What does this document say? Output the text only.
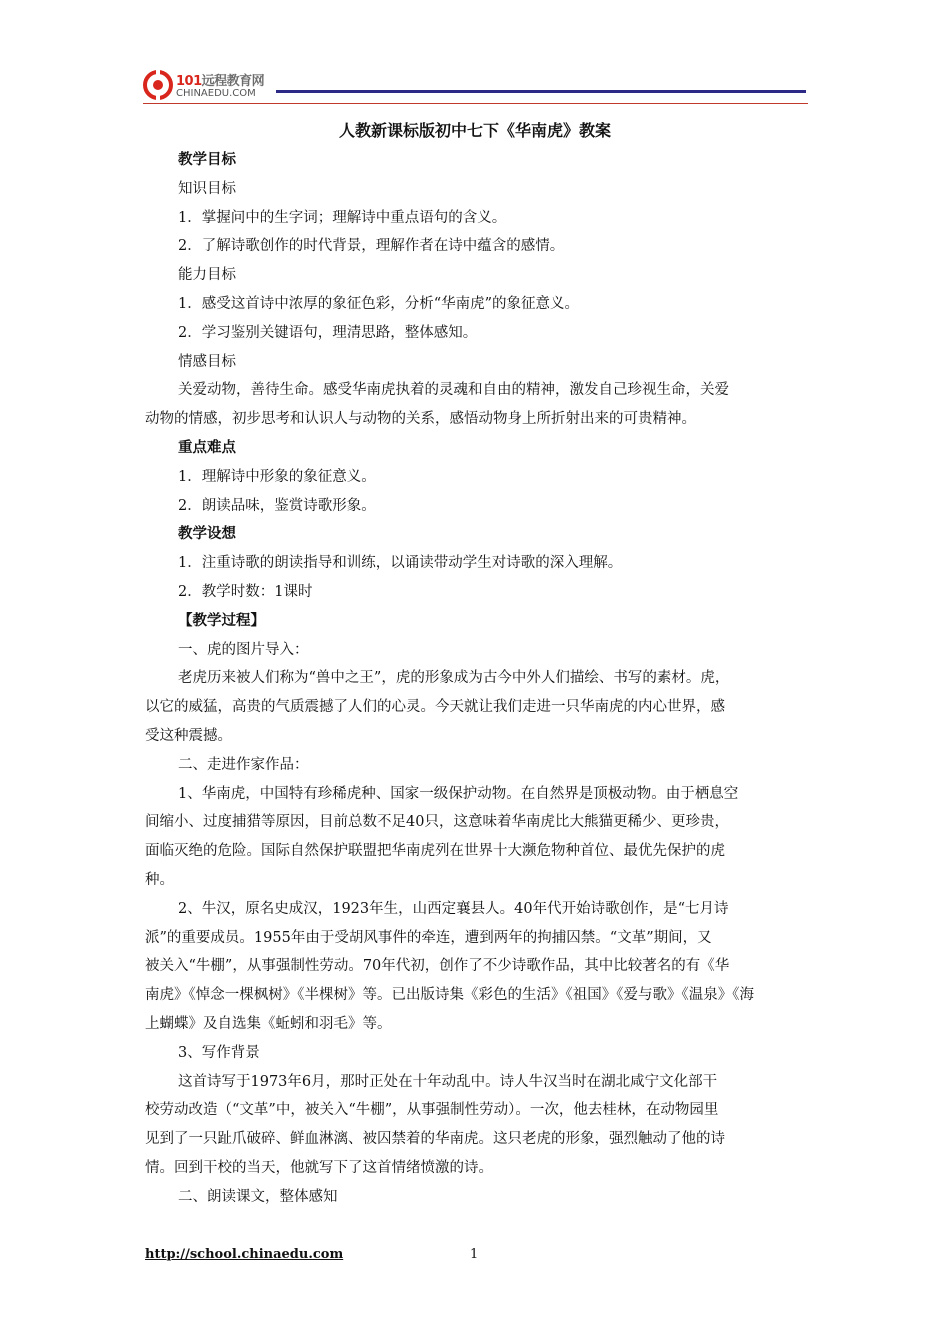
101远程教育网
CHINAEDU.COM
人教新课标版初中七下《华南虎》教案
教学目标
知识目标
1．掌握问中的生字词；理解诗中重点语句的含义。
2．了解诗歌创作的时代背景，理解作者在诗中蕴含的感情。
能力目标
1．感受这首诗中浓厚的象征色彩，分析“华南虎”的象征意义。
2．学习鉴别关键语句，理清思路，整体感知。
情感目标
关爱动物，善待生命。感受华南虎执着的灵魂和自由的精神，激发自己珍视生命，关爱
动物的情感，初步思考和认识人与动物的关系，感悟动物身上所折射出来的可贵精神。
重点难点
1．理解诗中形象的象征意义。
2．朗读品味，鉴赏诗歌形象。
教学设想
1．注重诗歌的朗读指导和训练，以诵读带动学生对诗歌的深入理解。
2．教学时数：1课时
【教学过程】
一、虎的图片导入：
老虎历来被人们称为“兽中之王”，虎的形象成为古今中外人们描绘、书写的素材。虎，
以它的威猛，高贵的气质震撼了人们的心灵。今天就让我们走进一只华南虎的内心世界，感
受这种震撼。
二、走进作家作品：
1、华南虎，中国特有珍稀虎种、国家一级保护动物。在自然界是顶极动物。由于栖息空
间缩小、过度捕猎等原因，目前总数不足40只，这意味着华南虎比大熊猫更稀少、更珍贵，
面临灭绝的危险。国际自然保护联盟把华南虎列在世界十大濒危物种首位、最优先保护的虎
种。
2、牛汉，原名史成汉，1923年生，山西定襄县人。40年代开始诗歌创作，是“七月诗
派”的重要成员。1955年由于受胡风事件的牵连，遭到两年的拘捕囚禁。“文革”期间，又
被关入“牛棚”，从事强制性劳动。70年代初，创作了不少诗歌作品，其中比较著名的有《华
南虎》《悼念一棵枫树》《半棵树》等。已出版诗集《彩色的生活》《祖国》《爱与歌》《温泉》《海
上蝴蝶》及自选集《蚯蚓和羽毛》等。
3、写作背景
这首诗写于1973年6月，那时正处在十年动乱中。诗人牛汉当时在湖北咸宁文化部干
校劳动改造（“文革”中，被关入“牛棚”，从事强制性劳动）。一次，他去桂林，在动物园里
见到了一只趾爪破碎、鲜血淋漓、被囚禁着的华南虎。这只老虎的形象，强烈触动了他的诗
情。回到干校的当天，他就写下了这首情绪愤激的诗。
二、朗读课文，整体感知
http://school.chinaedu.com	1
